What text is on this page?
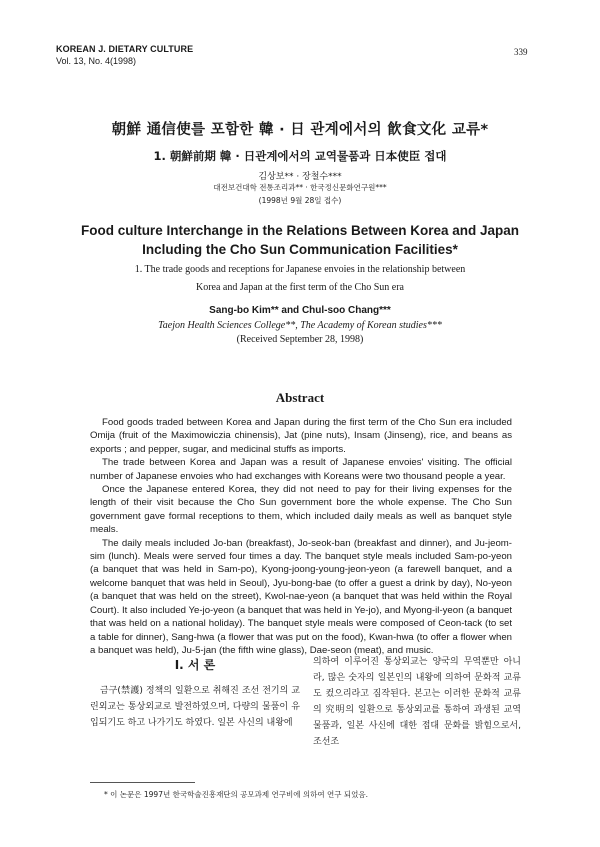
KOREAN J. DIETARY CULTURE
Vol. 13, No. 4(1998)
339
朝鮮 通信使를 포함한 韓 · 日 관계에서의 飮食文化 교류*
1. 朝鮮前期 韓 · 日관계에서의 교역물품과 日本使臣 접대
김상보** · 장철수***
대전보건대학 전통조리과** · 한국정신문화연구원***
(1998년 9월 28일 접수)
Food culture Interchange in the Relations Between Korea and Japan
Including the Cho Sun Communication Facilities*
1. The trade goods and receptions for Japanese envoies in the relationship between
Korea and Japan at the first term of the Cho Sun era
Sang-bo Kim** and Chul-soo Chang***
Taejon Health Sciences College**, The Academy of Korean studies***
(Received September 28, 1998)
Abstract

Food goods traded between Korea and Japan during the first term of the Cho Sun era included Omija (fruit of the Maximowiczia chinensis), Jat (pine nuts), Insam (Jinseng), rice, and beans as exports ; and pepper, sugar, and medicinal stuffs as imports.

The trade between Korea and Japan was a result of Japanese envoies' visiting. The official number of Japanese envoies who had exchanges with Koreans were two thousand people a year.

Once the Japanese entered Korea, they did not need to pay for their living expenses for the length of their visit because the Cho Sun government bore the whole expense. The Cho Sun government gave formal receptions to them, which included daily meals as well as banquet style meals.

The daily meals included Jo-ban (breakfast), Jo-seok-ban (breakfast and dinner), and Ju-jeom-sim (lunch). Meals were served four times a day. The banquet style meals included Sam-po-yeon (a banquet that was held in Sam-po), Kyong-joong-young-jeon-yeon (a farewell banquet, and a welcome banquet that was held in Seoul), Jyu-bong-bae (to offer a guest a drink by day), No-yeon (a banquet that was held on the street), Kwol-nae-yeon (a banquet that was held within the Royal Court). It also included Ye-jo-yeon (a banquet that was held in Ye-jo), and Myong-il-yeon (a banquet that was held on a national holiday). The banquet style meals were composed of Ceon-tack (to set a table for dinner), Sang-hwa (a flower that was put on the food), Kwan-hwa (to offer a flower when a banquet was held), Ju-5-jan (the fifth wine glass), Dae-seon (meat), and music.

Ⅰ. 서 론
금구(禁護) 정책의 일환으로 취해진 조선 전기의 교린외교는 통상외교로 발전하였으며, 다량의 물품이 유입되기도 하고 나가기도 하였다. 일본 사신의 내왕에
의하여 이루어진 통상외교는 양국의 무역뿐만 아니라, 많은 숫자의 일본인의 내왕에 의하여 문화적 교류도 컸으리라고 짐작된다. 본고는 이러한 문화적 교류의 究明의 일환으로 통상외교를 통하여 과생된 교역물품과, 일본 사신에 대한 접대 문화를 밝힘으로서, 조선조
* 이 논문은 1997년 한국학술진흥재단의 공모과제 연구비에 의하여 연구 되었음.
